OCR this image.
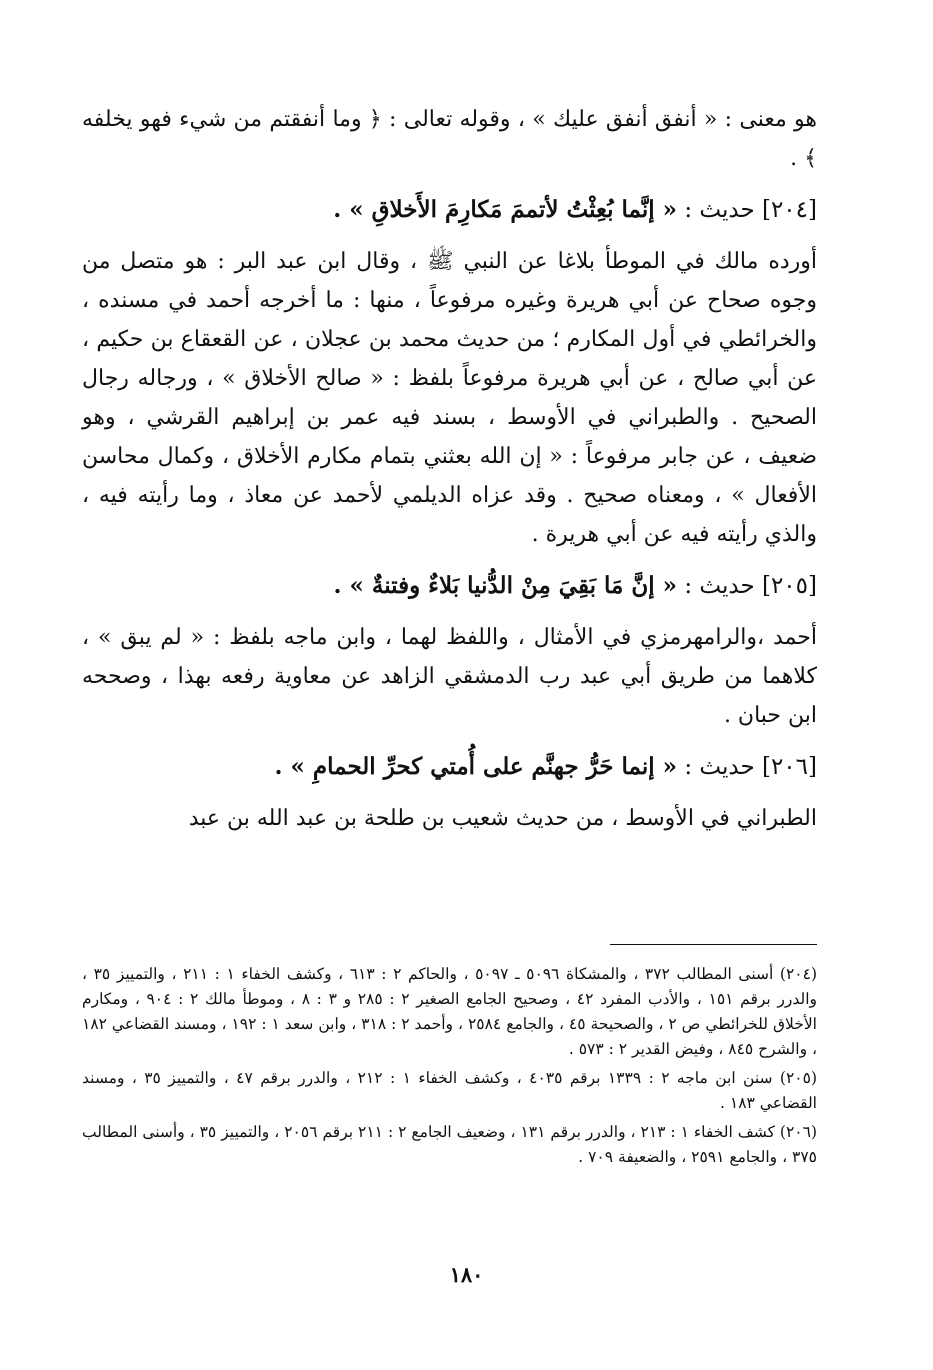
هو معنى : « أنفق أنفق عليك » ، وقوله تعالى : ﴿ وما أنفقتم من شيء فهو يخلفه ﴾ .

[٢٠٤] حديث : « إنَّما بُعِثْتُ لأتممَ مَكارِمَ الأَخلاقِ » .

أورده مالك في الموطأ بلاغا عن النبي ﷺ ، وقال ابن عبد البر : هو متصل من وجوه صحاح عن أبي هريرة وغيره مرفوعاً ، منها : ما أخرجه أحمد في مسنده ، والخرائطي في أول المكارم ؛ من حديث محمد بن عجلان ، عن القعقاع بن حكيم ، عن أبي صالح ، عن أبي هريرة مرفوعاً بلفظ : « صالح الأخلاق » ، ورجاله رجال الصحيح . والطبراني في الأوسط ، بسند فيه عمر بن إبراهيم القرشي ، وهو ضعيف ، عن جابر مرفوعاً : « إن الله بعثني بتمام مكارم الأخلاق ، وكمال محاسن الأفعال » ، ومعناه صحيح . وقد عزاه الديلمي لأحمد عن معاذ ، وما رأيته فيه ، والذي رأيته فيه عن أبي هريرة .

[٢٠٥] حديث : « إنَّ مَا بَقِيَ مِنْ الدُّنيا بَلاءٌ وفتنةٌ » .

أحمد ،والرامهرمزي في الأمثال ، واللفظ لهما ، وابن ماجه بلفظ : « لم يبق » ، كلاهما من طريق أبي عبد رب الدمشقي الزاهد عن معاوية رفعه بهذا ، وصححه ابن حبان .

[٢٠٦] حديث : « إنما حَرُّ جهنَّم على أُمتي كحرِّ الحمامِ » .

الطبراني في الأوسط ، من حديث شعيب بن طلحة بن عبد الله بن عبد

(٢٠٤) أسنى المطالب ٣٧٢ ، والمشكاة ٥٠٩٦ ـ ٥٠٩٧ ، والحاكم ٢ : ٦١٣ ، وكشف الخفاء ١ : ٢١١ ، والتمييز ٣٥ ، والدرر برقم ١٥١ ، والأدب المفرد ٤٢ ، وصحيح الجامع الصغير ٢ : ٢٨٥ و ٣ : ٨ ، وموطأ مالك ٢ : ٩٠٤ ، ومكارم الأخلاق للخرائطي ص ٢ ، والصحيحة ٤٥ ، والجامع ٢٥٨٤ ، وأحمد ٢ : ٣١٨ ، وابن سعد ١ : ١٩٢ ، ومسند القضاعي ١٨٢ ، والشرح ٨٤٥ ، وفيض القدير ٢ : ٥٧٣ .

(٢٠٥) سنن ابن ماجه ٢ : ١٣٣٩ برقم ٤٠٣٥ ، وكشف الخفاء ١ : ٢١٢ ، والدرر برقم ٤٧ ، والتمييز ٣٥ ، ومسند القضاعي ١٨٣ .

(٢٠٦) كشف الخفاء ١ : ٢١٣ ، والدرر برقم ١٣١ ، وضعيف الجامع ٢ : ٢١١ برقم ٢٠٥٦ ، والتمييز ٣٥ ، وأسنى المطالب ٣٧٥ ، والجامع ٢٥٩١ ، والضعيفة ٧٠٩ .

١٨٠
